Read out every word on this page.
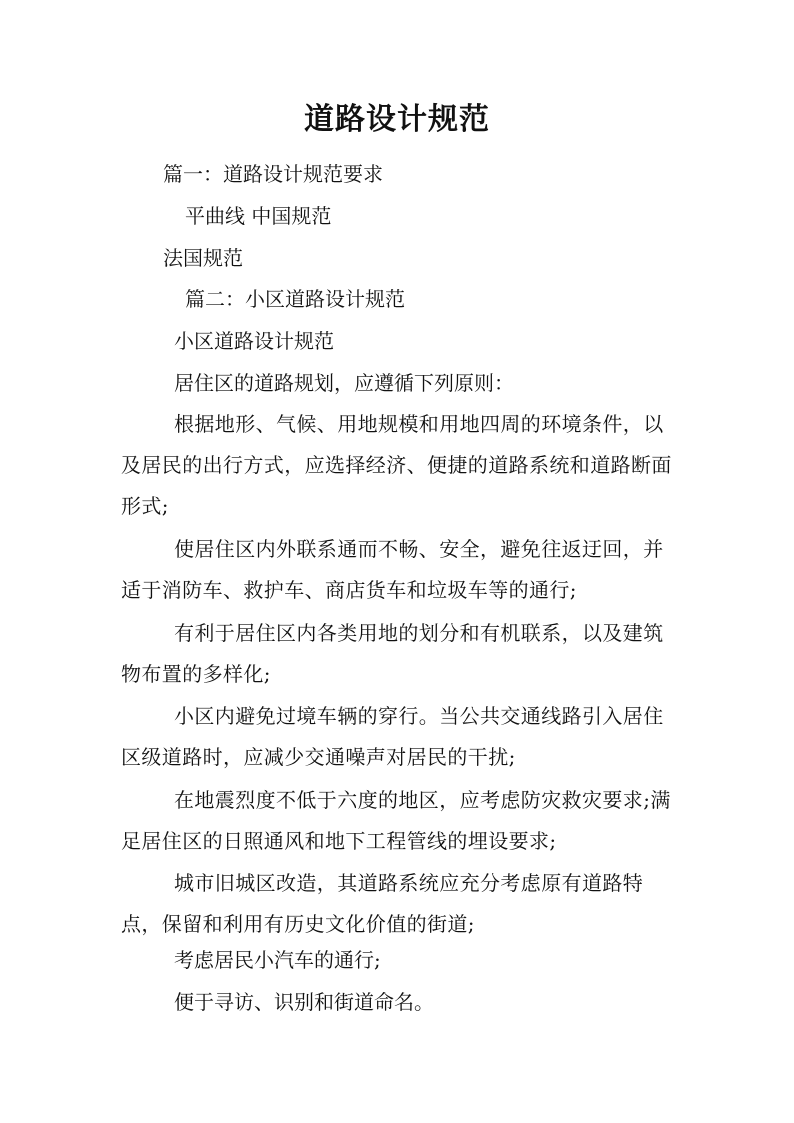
道路设计规范
篇一：道路设计规范要求
平曲线 中国规范
法国规范
篇二：小区道路设计规范
小区道路设计规范
居住区的道路规划，应遵循下列原则：
根据地形、气候、用地规模和用地四周的环境条件，以及居民的出行方式，应选择经济、便捷的道路系统和道路断面形式;
使居住区内外联系通而不畅、安全，避免往返迂回，并适于消防车、救护车、商店货车和垃圾车等的通行;
有利于居住区内各类用地的划分和有机联系，以及建筑物布置的多样化;
小区内避免过境车辆的穿行。当公共交通线路引入居住区级道路时，应减少交通噪声对居民的干扰;
在地震烈度不低于六度的地区，应考虑防灾救灾要求;满足居住区的日照通风和地下工程管线的埋设要求;
城市旧城区改造，其道路系统应充分考虑原有道路特点，保留和利用有历史文化价值的街道;
考虑居民小汽车的通行;
便于寻访、识别和街道命名。
